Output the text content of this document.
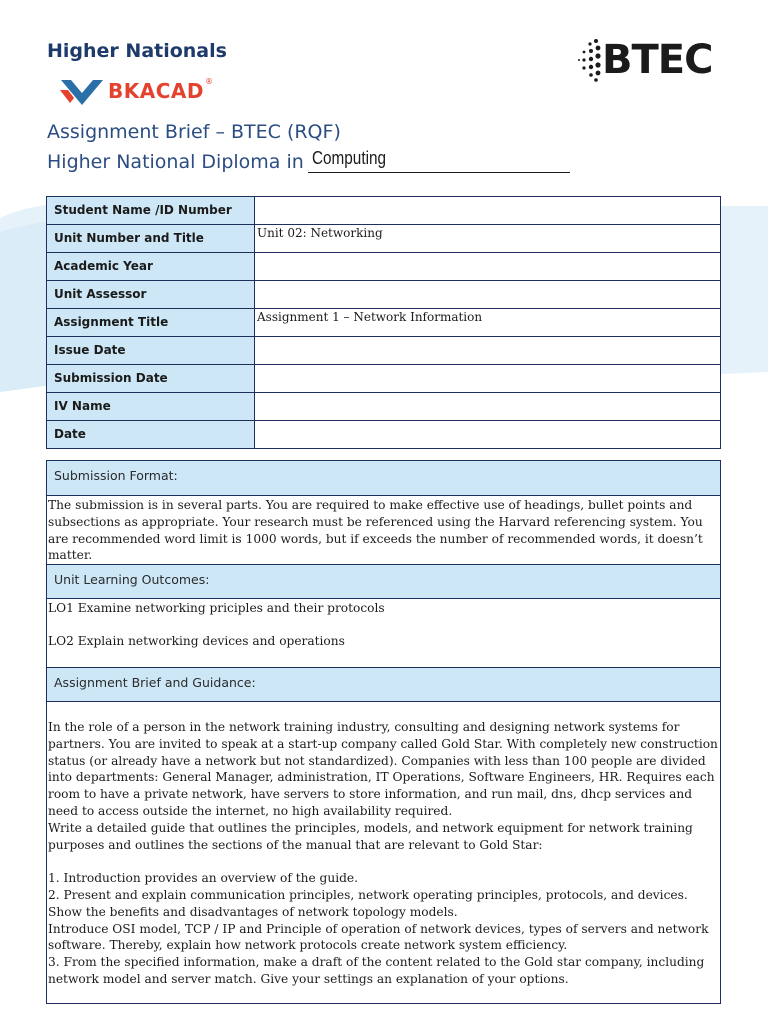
Higher Nationals
BKACAD ®	BTEC
Assignment Brief – BTEC (RQF)
Higher National Diploma in Computing
Student Name /ID Number	
Unit Number and Title	Unit 02: Networking
Academic Year	
Unit Assessor	
Assignment Title	Assignment 1 – Network Information
Issue Date	
Submission Date	
IV Name	
Date	
Submission Format:
The submission is in several parts. You are required to make effective use of headings, bullet points and subsections as appropriate. Your research must be referenced using the Harvard referencing system. You are recommended word limit is 1000 words, but if exceeds the number of recommended words, it doesn’t matter.
Unit Learning Outcomes:

LO1 Examine networking priciples and their protocols

LO2 Explain networking devices and operations

Assignment Brief and Guidance:

In the role of a person in the network training industry, consulting and designing network systems for partners. You are invited to speak at a start-up company called Gold Star. With completely new construction status (or already have a network but not standardized). Companies with less than 100 people are divided into departments: General Manager, administration, IT Operations, Software Engineers, HR. Requires each room to have a private network, have servers to store information, and run mail, dns, dhcp services and need to access outside the internet, no high availability required.

Write a detailed guide that outlines the principles, models, and network equipment for network training purposes and outlines the sections of the manual that are relevant to Gold Star:

1. Introduction provides an overview of the guide.

2. Present and explain communication principles, network operating principles, protocols, and devices. Show the benefits and disadvantages of network topology models.

Introduce OSI model, TCP / IP and Principle of operation of network devices, types of servers and network software. Thereby, explain how network protocols create network system efficiency.

3. From the specified information, make a draft of the content related to the Gold star company, including network model and server match. Give your settings an explanation of your options.
